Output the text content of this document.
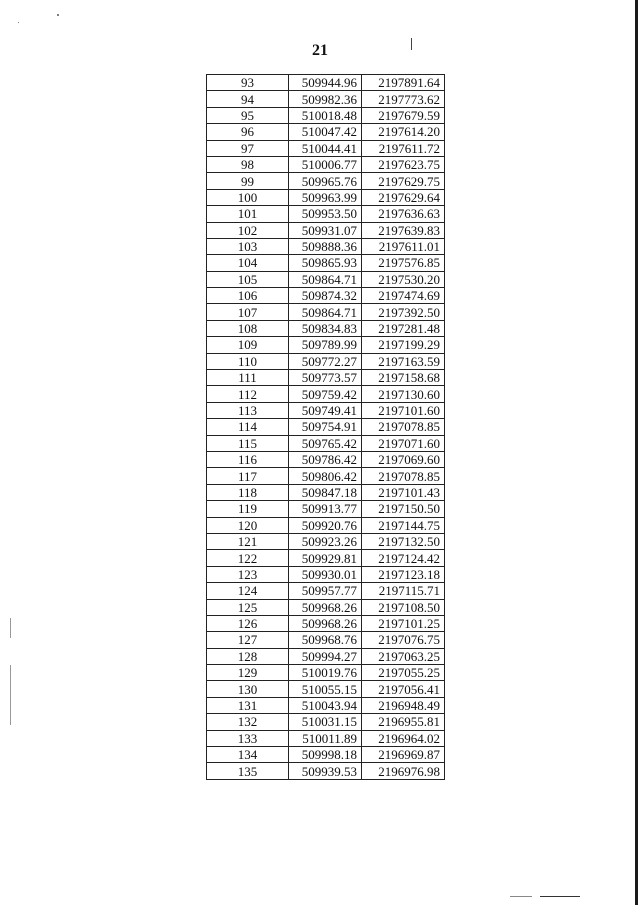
21
93	509944.96	2197891.64
94	509982.36	2197773.62
95	510018.48	2197679.59
96	510047.42	2197614.20
97	510044.41	2197611.72
98	510006.77	2197623.75
99	509965.76	2197629.75
100	509963.99	2197629.64
101	509953.50	2197636.63
102	509931.07	2197639.83
103	509888.36	2197611.01
104	509865.93	2197576.85
105	509864.71	2197530.20
106	509874.32	2197474.69
107	509864.71	2197392.50
108	509834.83	2197281.48
109	509789.99	2197199.29
110	509772.27	2197163.59
111	509773.57	2197158.68
112	509759.42	2197130.60
113	509749.41	2197101.60
114	509754.91	2197078.85
115	509765.42	2197071.60
116	509786.42	2197069.60
117	509806.42	2197078.85
118	509847.18	2197101.43
119	509913.77	2197150.50
120	509920.76	2197144.75
121	509923.26	2197132.50
122	509929.81	2197124.42
123	509930.01	2197123.18
124	509957.77	2197115.71
125	509968.26	2197108.50
126	509968.26	2197101.25
127	509968.76	2197076.75
128	509994.27	2197063.25
129	510019.76	2197055.25
130	510055.15	2197056.41
131	510043.94	2196948.49
132	510031.15	2196955.81
133	510011.89	2196964.02
134	509998.18	2196969.87
135	509939.53	2196976.98
